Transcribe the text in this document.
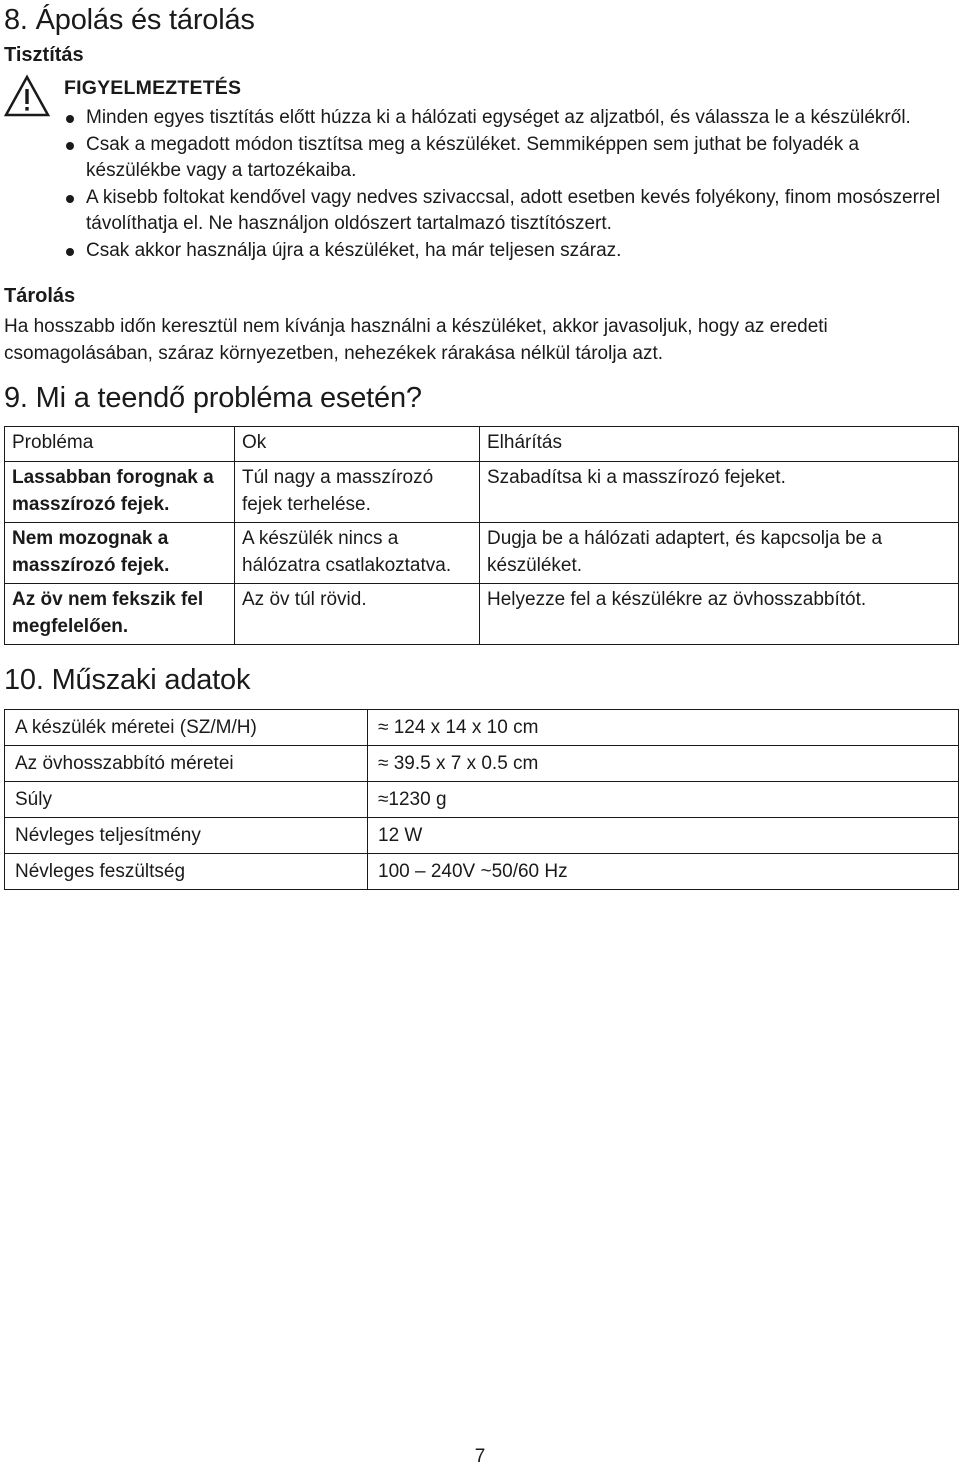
8. Ápolás és tárolás
Tisztítás
FIGYELMEZTETÉS
Minden egyes tisztítás előtt húzza ki a hálózati egységet az aljzatból, és válassza le a készülékről.
Csak a megadott módon tisztítsa meg a készüléket. Semmiképpen sem juthat be folyadék a készülékbe vagy a tartozékaiba.
A kisebb foltokat kendővel vagy nedves szivaccsal, adott esetben kevés folyékony, finom mosószerrel távolíthatja el. Ne használjon oldószert tartalmazó tisztítószert.
Csak akkor használja újra a készüléket, ha már teljesen száraz.
Tárolás
Ha hosszabb időn keresztül nem kívánja használni a készüléket, akkor javasoljuk, hogy az eredeti csomagolásában, száraz környezetben, nehezékek rárakása nélkül tárolja azt.
9. Mi a teendő probléma esetén?
Probléma	Ok	Elhárítás
Lassabban forognak a masszírozó fejek.	Túl nagy a masszírozó fejek terhelése.	Szabadítsa ki a masszírozó fejeket.
Nem mozognak a masszírozó fejek.	A készülék nincs a hálózatra csatlakoztatva.	Dugja be a hálózati adaptert, és kapcsolja be a készüléket.
Az öv nem fekszik fel megfelelően.	Az öv túl rövid.	Helyezze fel a készülékre az övhosszabbítót.
10. Műszaki adatok
A készülék méretei (SZ/M/H)	≈ 124 x 14 x 10 cm
Az övhosszabbító méretei	≈ 39.5 x 7 x 0.5 cm
Súly	≈1230 g
Névleges teljesítmény	12 W
Névleges feszültség	100 – 240V ~50/60 Hz
7
